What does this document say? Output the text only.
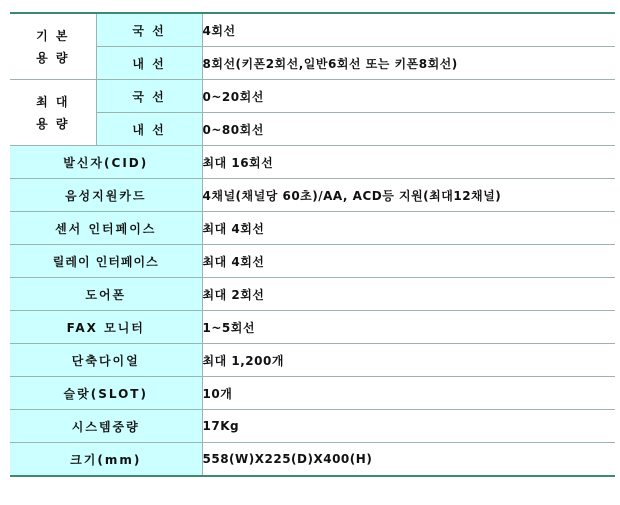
기 본
용 량	국 선	4회선
	내 선	8회선(키폰2회선,일반6회선 또는 키폰8회선)

최 대
용 량	국 선	0~20회선
	내 선	0~80회선
발신자(CID)		최대 16회선
음성지원카드		4채널(채널당 60초)/AA, ACD등 지원(최대12채널)
센서 인터페이스		최대 4회선
릴레이 인터페이스		최대 4회선
도어폰		최대 2회선
FAX 모니터		1~5회선
단축다이얼		최대 1,200개
슬랏(SLOT)		10개
시스템중량		17Kg
크기(mm)		558(W)X225(D)X400(H)
